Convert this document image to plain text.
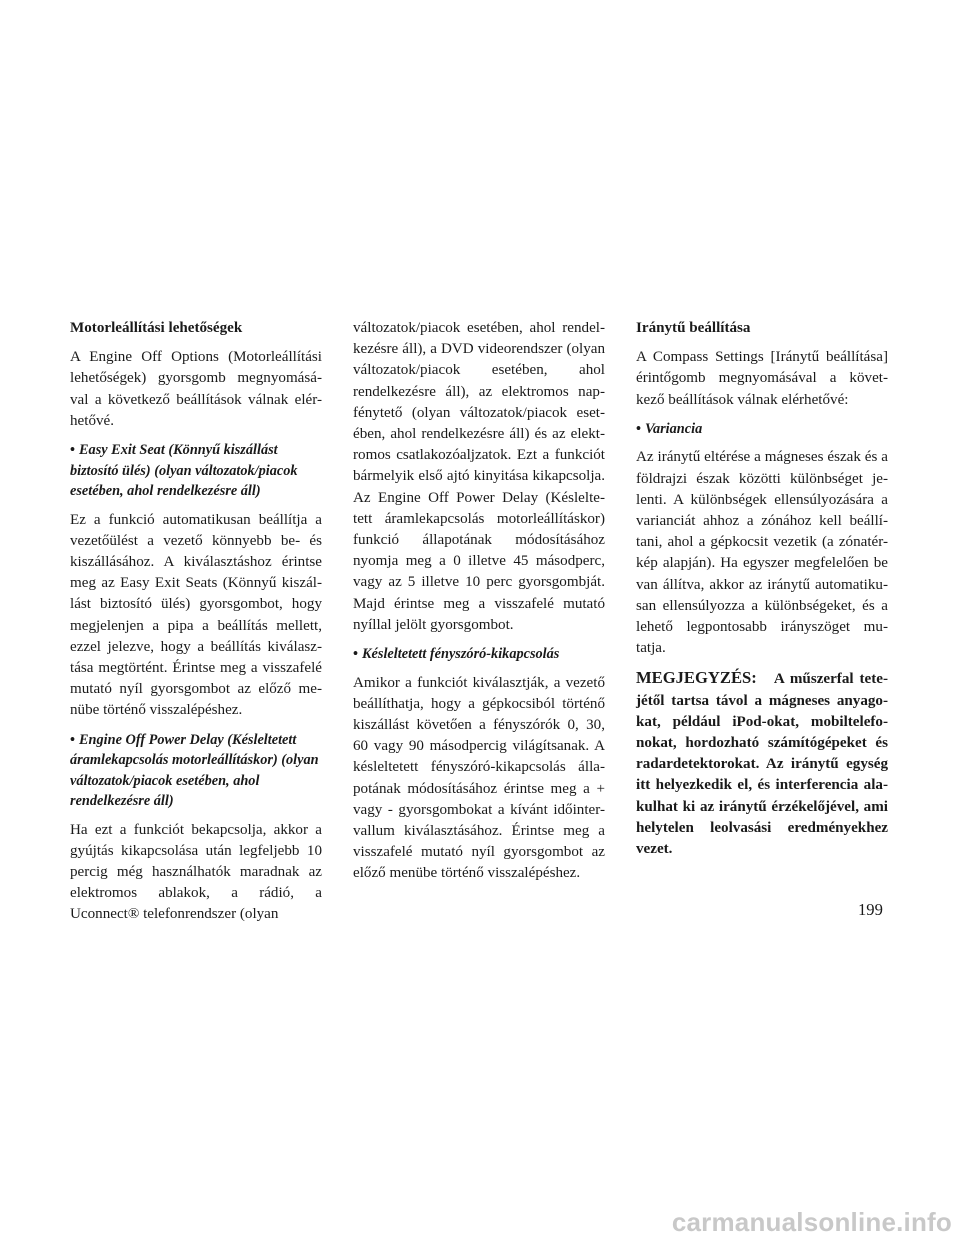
Motorleállítási lehetőségek

A Engine Off Options (Motorleállítási lehetőségek) gyorsgomb megnyomásá-val a következő beállítások válnak elér-hetővé.

• Easy Exit Seat (Könnyű kiszállást biztosító ülés) (olyan változatok/piacok esetében, ahol rendelkezésre áll)

Ez a funkció automatikusan beállítja a vezetőülést a vezető könnyebb be- és kiszállásához. A kiválasztáshoz érintse meg az Easy Exit Seats (Könnyű kiszál-lást biztosító ülés) gyorsgombot, hogy megjelenjen a pipa a beállítás mellett, ezzel jelezve, hogy a beállítás kiválasz-tása megtörtént. Érintse meg a visszafelé mutató nyíl gyorsgombot az előző me-nübe történő visszalépéshez.

• Engine Off Power Delay (Késleltetett áramlekapcsolás motorleállításkor) (olyan változatok/piacok esetében, ahol rendelkezésre áll)

Ha ezt a funkciót bekapcsolja, akkor a gyújtás kikapcsolása után legfeljebb 10 percig még használhatók maradnak az elektromos ablakok, a rádió, a Uconnect® telefonrendszer (olyan

változatok/piacok esetében, ahol rendel-kezésre áll), a DVD videorendszer (olyan változatok/piacok esetében, ahol rendelkezésre áll), az elektromos nap-fénytető (olyan változatok/piacok eset-ében, ahol rendelkezésre áll) és az elekt-romos csatlakozóaljzatok. Ezt a funkciót bármelyik első ajtó kinyitása kikapcsolja. Az Engine Off Power Delay (Késlelte-tett áramlekapcsolás motorleállításkor) funkció állapotának módosításához nyomja meg a 0 illetve 45 másodperc, vagy az 5 illetve 10 perc gyorsgombját. Majd érintse meg a visszafelé mutató nyíllal jelölt gyorsgombot.

• Késleltetett fényszóró-kikapcsolás

Amikor a funkciót kiválasztják, a vezető beállíthatja, hogy a gépkocsiból történő kiszállást követően a fényszórók 0, 30, 60 vagy 90 másodpercig világítsanak. A késleltetett fényszóró-kikapcsolás álla-potának módosításához érintse meg a + vagy - gyorsgombokat a kívánt időinter-vallum kiválasztásához. Érintse meg a visszafelé mutató nyíl gyorsgombot az előző menübe történő visszalépéshez.

Iránytű beállítása

A Compass Settings [Iránytű beállítása] érintőgomb megnyomásával a követ-kező beállítások válnak elérhetővé:

• Variancia

Az iránytű eltérése a mágneses észak és a földrajzi észak közötti különbséget je-lenti. A különbségek ellensúlyozására a varianciát ahhoz a zónához kell beállí-tani, ahol a gépkocsit vezetik (a zónatér-kép alapján). Ha egyszer megfelelően be van állítva, akkor az iránytű automatiku-san ellensúlyozza a különbségeket, és a lehető legpontosabb irányszöget mu-tatja.

MEGJEGYZÉS: A műszerfal tete-jétől tartsa távol a mágneses anyago-kat, például iPod-okat, mobiltelefo-nokat, hordozható számítógépeket és radardetektorokat. Az iránytű egység itt helyezkedik el, és interferencia ala-kulhat ki az iránytű érzékelőjével, ami helytelen leolvasási eredményekhez vezet.

199
carmanualsonline.info
